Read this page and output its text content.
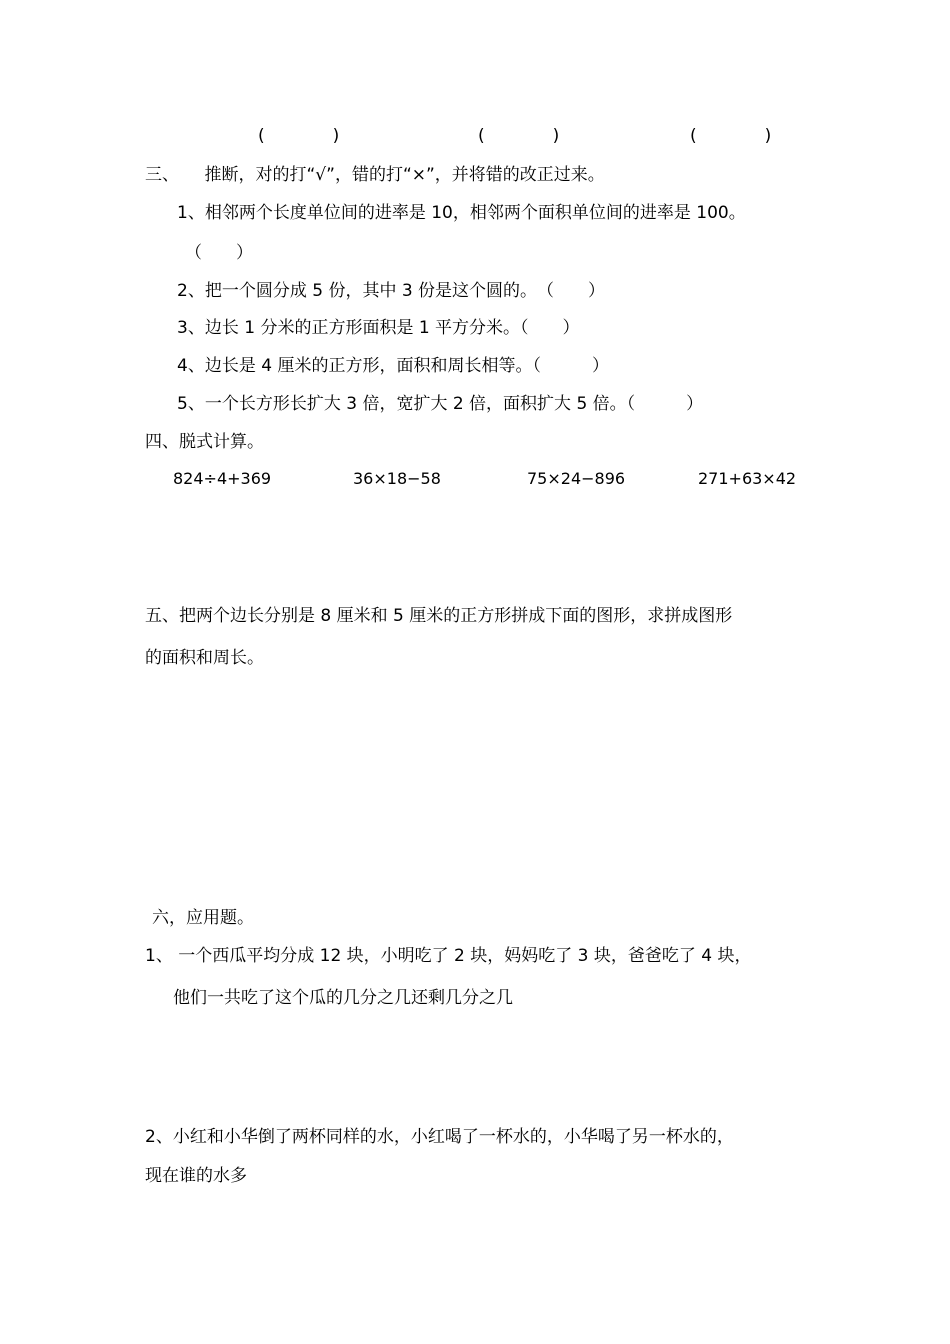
(　　　　)	(　　　　)	(　　　　)
三、　　推断，对的打“√”，错的打“×”，并将错的改正过来。
1、相邻两个长度单位间的进率是 10，相邻两个面积单位间的进率是 100。
（　　）
2、把一个圆分成 5 份，其中 3 份是这个圆的。　（　　）
3、边长 1 分米的正方形面积是 1 平方分米。（　　）
4、边长是 4 厘米的正方形，面积和周长相等。（　　　）
5、一个长方形长扩大 3 倍，宽扩大 2 倍，面积扩大 5 倍。（　　　）
四、脱式计算。
824÷4+369	36×18−58	75×24−896	271+63×42
五、把两个边长分别是 8 厘米和 5 厘米的正方形拼成下面的图形，求拼成图形
的面积和周长。
六，应用题。
1、 一个西瓜平均分成 12 块，小明吃了 2 块，妈妈吃了 3 块，爸爸吃了 4 块，
他们一共吃了这个瓜的几分之几还剩几分之几
2、小红和小华倒了两杯同样的水，小红喝了一杯水的，小华喝了另一杯水的，
现在谁的水多
